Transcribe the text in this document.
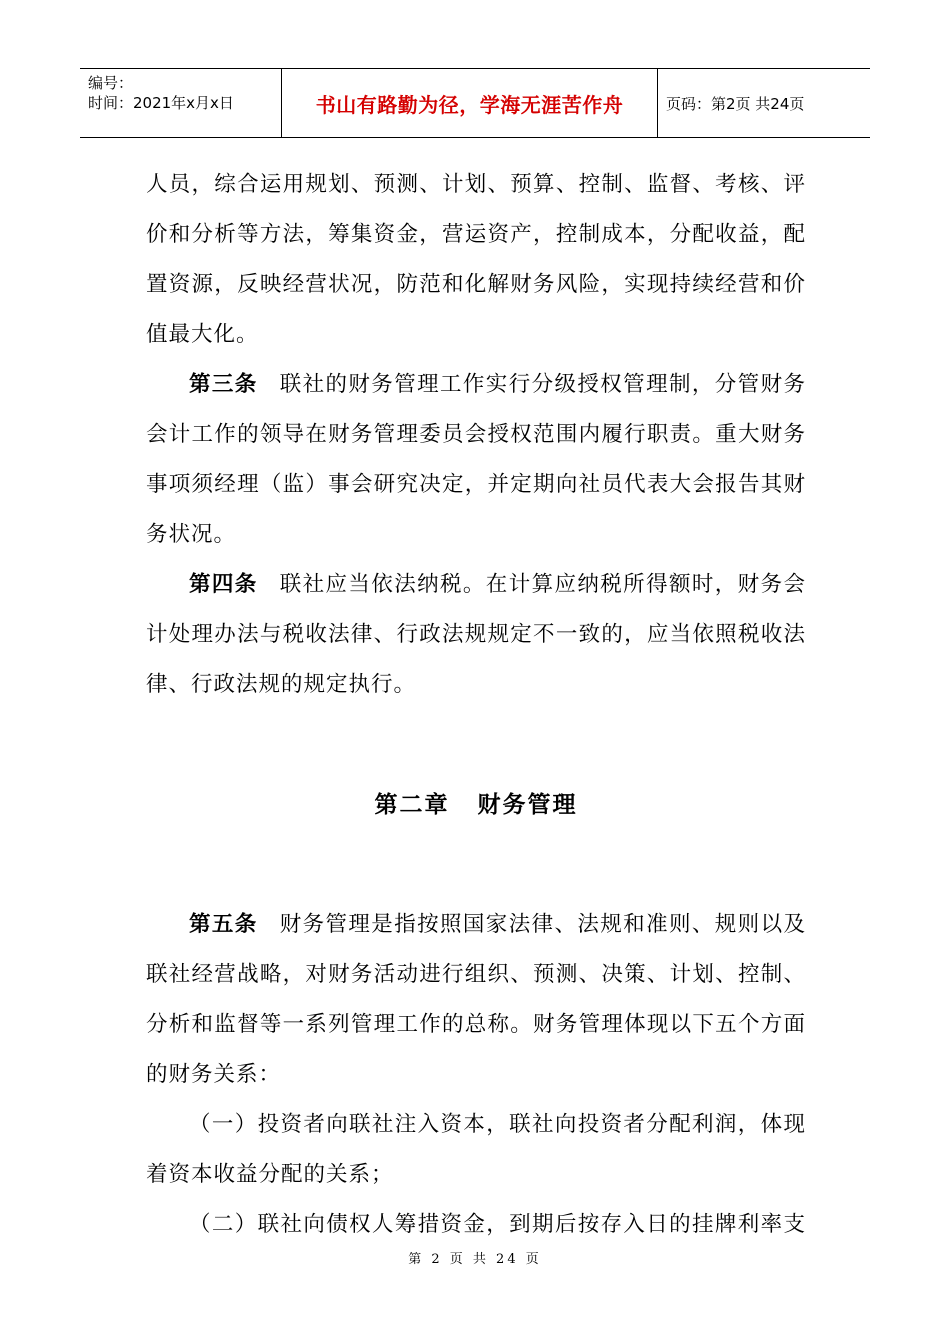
编号：
时间：2021年x月x日	书山有路勤为径，学海无涯苦作舟	页码：第2页 共24页
人员，综合运用规划、预测、计划、预算、控制、监督、考核、评
价和分析等方法，筹集资金，营运资产，控制成本，分配收益，配
置资源，反映经营状况，防范和化解财务风险，实现持续经营和价
值最大化。
第三条 联社的财务管理工作实行分级授权管理制，分管财务
会计工作的领导在财务管理委员会授权范围内履行职责。重大财务
事项须经理（监）事会研究决定，并定期向社员代表大会报告其财
务状况。
第四条 联社应当依法纳税。在计算应纳税所得额时，财务会
计处理办法与税收法律、行政法规规定不一致的，应当依照税收法
律、行政法规的规定执行。
第二章 财务管理
第五条 财务管理是指按照国家法律、法规和准则、规则以及
联社经营战略，对财务活动进行组织、预测、决策、计划、控制、
分析和监督等一系列管理工作的总称。财务管理体现以下五个方面
的财务关系：
（一）投资者向联社注入资本，联社向投资者分配利润，体现
着资本收益分配的关系；
（二）联社向债权人筹措资金，到期后按存入日的挂牌利率支
第 2 页 共 24 页
